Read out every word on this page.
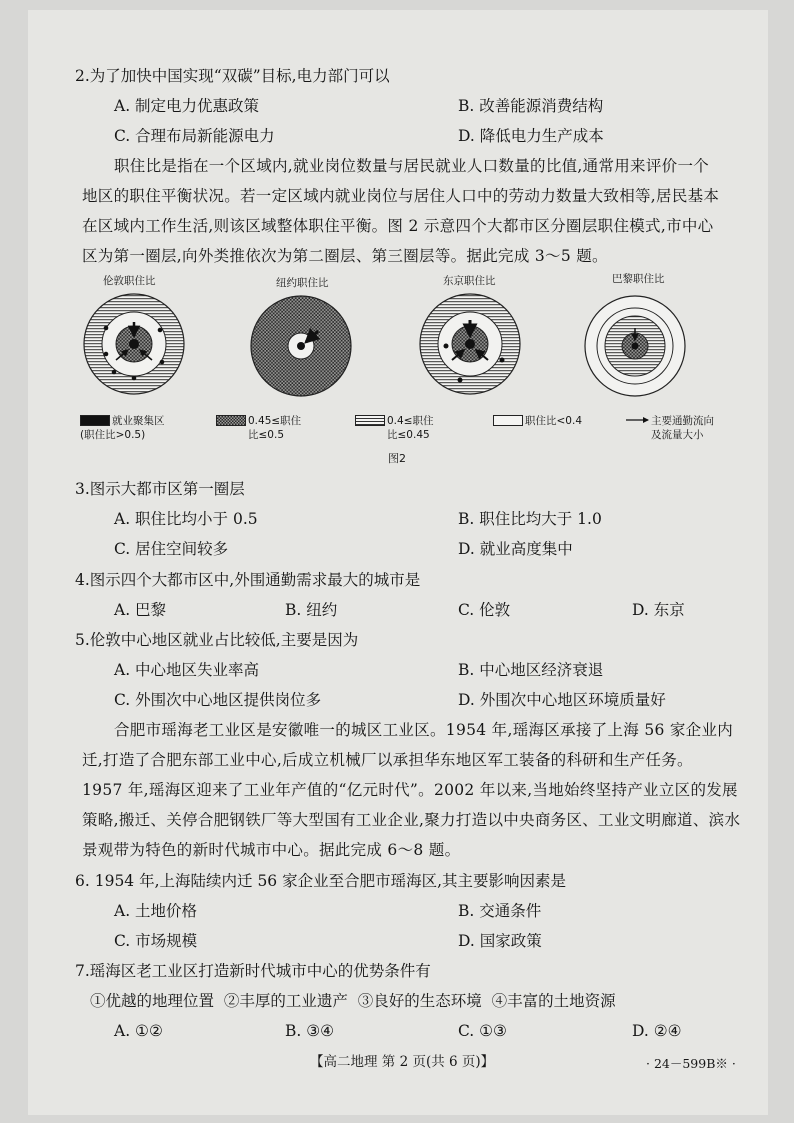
2.为了加快中国实现“双碳”目标,电力部门可以
A. 制定电力优惠政策	B. 改善能源消费结构
C. 合理布局新能源电力	D. 降低电力生产成本
职住比是指在一个区域内,就业岗位数量与居民就业人口数量的比值,通常用来评价一个
地区的职住平衡状况。若一定区域内就业岗位与居住人口中的劳动力数量大致相等,居民基本
在区域内工作生活,则该区域整体职住平衡。图 2 示意四个大都市区分圈层职住模式,市中心
区为第一圈层,向外类推依次为第二圈层、第三圈层等。据此完成 3～5 题。
伦敦职住比	纽约职住比	东京职住比	巴黎职住比
就业聚集区
(职住比>0.5)
0.45≤职住
比≤0.5
0.4≤职住
比≤0.45
职住比<0.4	主要通勤流向
及流量大小
图2
3.图示大都市区第一圈层
A. 职住比均小于 0.5	B. 职住比均大于 1.0
C. 居住空间较多	D. 就业高度集中
4.图示四个大都市区中,外围通勤需求最大的城市是
A. 巴黎	B. 纽约	C. 伦敦	D. 东京
5.伦敦中心地区就业占比较低,主要是因为
A. 中心地区失业率高	B. 中心地区经济衰退
C. 外围次中心地区提供岗位多	D. 外围次中心地区环境质量好
合肥市瑶海老工业区是安徽唯一的城区工业区。1954 年,瑶海区承接了上海 56 家企业内
迁,打造了合肥东部工业中心,后成立机械厂以承担华东地区军工装备的科研和生产任务。
1957 年,瑶海区迎来了工业年产值的“亿元时代”。2002 年以来,当地始终坚持产业立区的发展
策略,搬迁、关停合肥钢铁厂等大型国有工业企业,聚力打造以中央商务区、工业文明廊道、滨水
景观带为特色的新时代城市中心。据此完成 6～8 题。
6. 1954 年,上海陆续内迁 56 家企业至合肥市瑶海区,其主要影响因素是
A. 土地价格	B. 交通条件
C. 市场规模	D. 国家政策
7.瑶海区老工业区打造新时代城市中心的优势条件有
①优越的地理位置  ②丰厚的工业遗产  ③良好的生态环境  ④丰富的土地资源
A. ①②	B. ③④	C. ①③	D. ②④
【高二地理 第 2 页(共 6 页)】	· 24－599B※ ·
